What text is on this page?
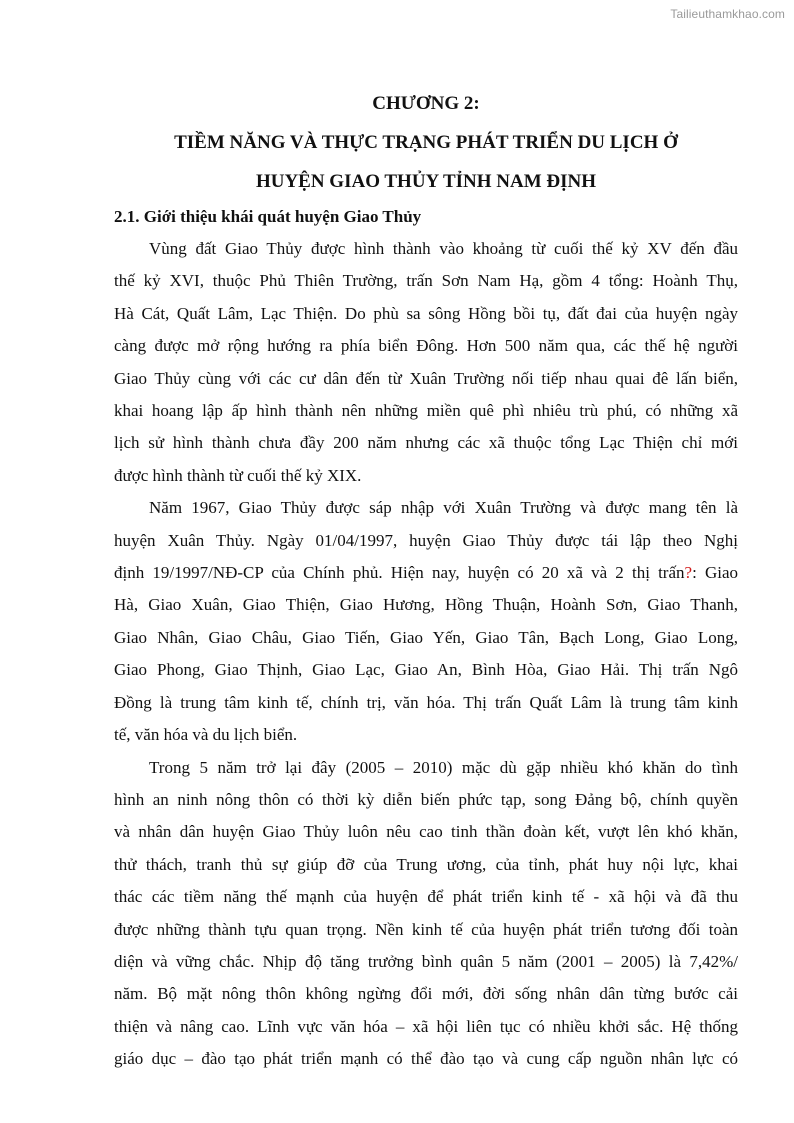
Tailieuthamkhao.com
CHƯƠNG 2:
TIỀM NĂNG VÀ THỰC TRẠNG PHÁT TRIỂN DU LỊCH Ở
HUYỆN GIAO THỦY TỈNH NAM ĐỊNH
2.1. Giới thiệu khái quát huyện Giao Thủy

Vùng đất Giao Thủy được hình thành vào khoảng từ cuối thế kỷ XV đến đầu
thế kỷ XVI, thuộc Phủ Thiên Trường, trấn Sơn Nam Hạ, gồm 4 tổng: Hoành Thụ,
Hà Cát, Quất Lâm, Lạc Thiện. Do phù sa sông Hồng bồi tụ, đất đai của huyện ngày
càng được mở rộng hướng ra phía biển Đông. Hơn 500 năm qua, các thế hệ người
Giao Thủy cùng với các cư dân đến từ Xuân Trường nối tiếp nhau quai đê lấn biển,
khai hoang lập ấp hình thành nên những miền quê phì nhiêu trù phú, có những xã
lịch sử hình thành chưa đầy 200 năm nhưng các xã thuộc tổng Lạc Thiện chỉ mới
được hình thành từ cuối thế kỷ XIX.

Năm 1967, Giao Thủy được sáp nhập với Xuân Trường và được mang tên là
huyện Xuân Thủy. Ngày 01/04/1997, huyện Giao Thủy được tái lập theo Nghị
định 19/1997/NĐ-CP của Chính phủ. Hiện nay, huyện có 20 xã và 2 thị trấn?: Giao
Hà, Giao Xuân, Giao Thiện, Giao Hương, Hồng Thuận, Hoành Sơn, Giao Thanh,
Giao Nhân, Giao Châu, Giao Tiến, Giao Yến, Giao Tân, Bạch Long, Giao Long,
Giao Phong, Giao Thịnh, Giao Lạc, Giao An, Bình Hòa, Giao Hải. Thị trấn Ngô
Đồng là trung tâm kinh tế, chính trị, văn hóa. Thị trấn Quất Lâm là trung tâm kinh
tế, văn hóa và du lịch biển.

Trong 5 năm trở lại đây (2005 – 2010) mặc dù gặp nhiều khó khăn do tình
hình an ninh nông thôn có thời kỳ diễn biến phức tạp, song Đảng bộ, chính quyền
và nhân dân huyện Giao Thủy luôn nêu cao tinh thần đoàn kết, vượt lên khó khăn,
thử thách, tranh thủ sự giúp đỡ của Trung ương, của tỉnh, phát huy nội lực, khai
thác các tiềm năng thế mạnh của huyện để phát triển kinh tế - xã hội và đã thu
được những thành tựu quan trọng. Nền kinh tế của huyện phát triển tương đối toàn
diện và vững chắc. Nhịp độ tăng trưởng bình quân 5 năm (2001 – 2005) là 7,42%/
năm. Bộ mặt nông thôn không ngừng đổi mới, đời sống nhân dân từng bước cải
thiện và nâng cao. Lĩnh vực văn hóa – xã hội liên tục có nhiều khởi sắc. Hệ thống
giáo dục – đào tạo phát triển mạnh có thể đào tạo và cung cấp nguồn nhân lực có
